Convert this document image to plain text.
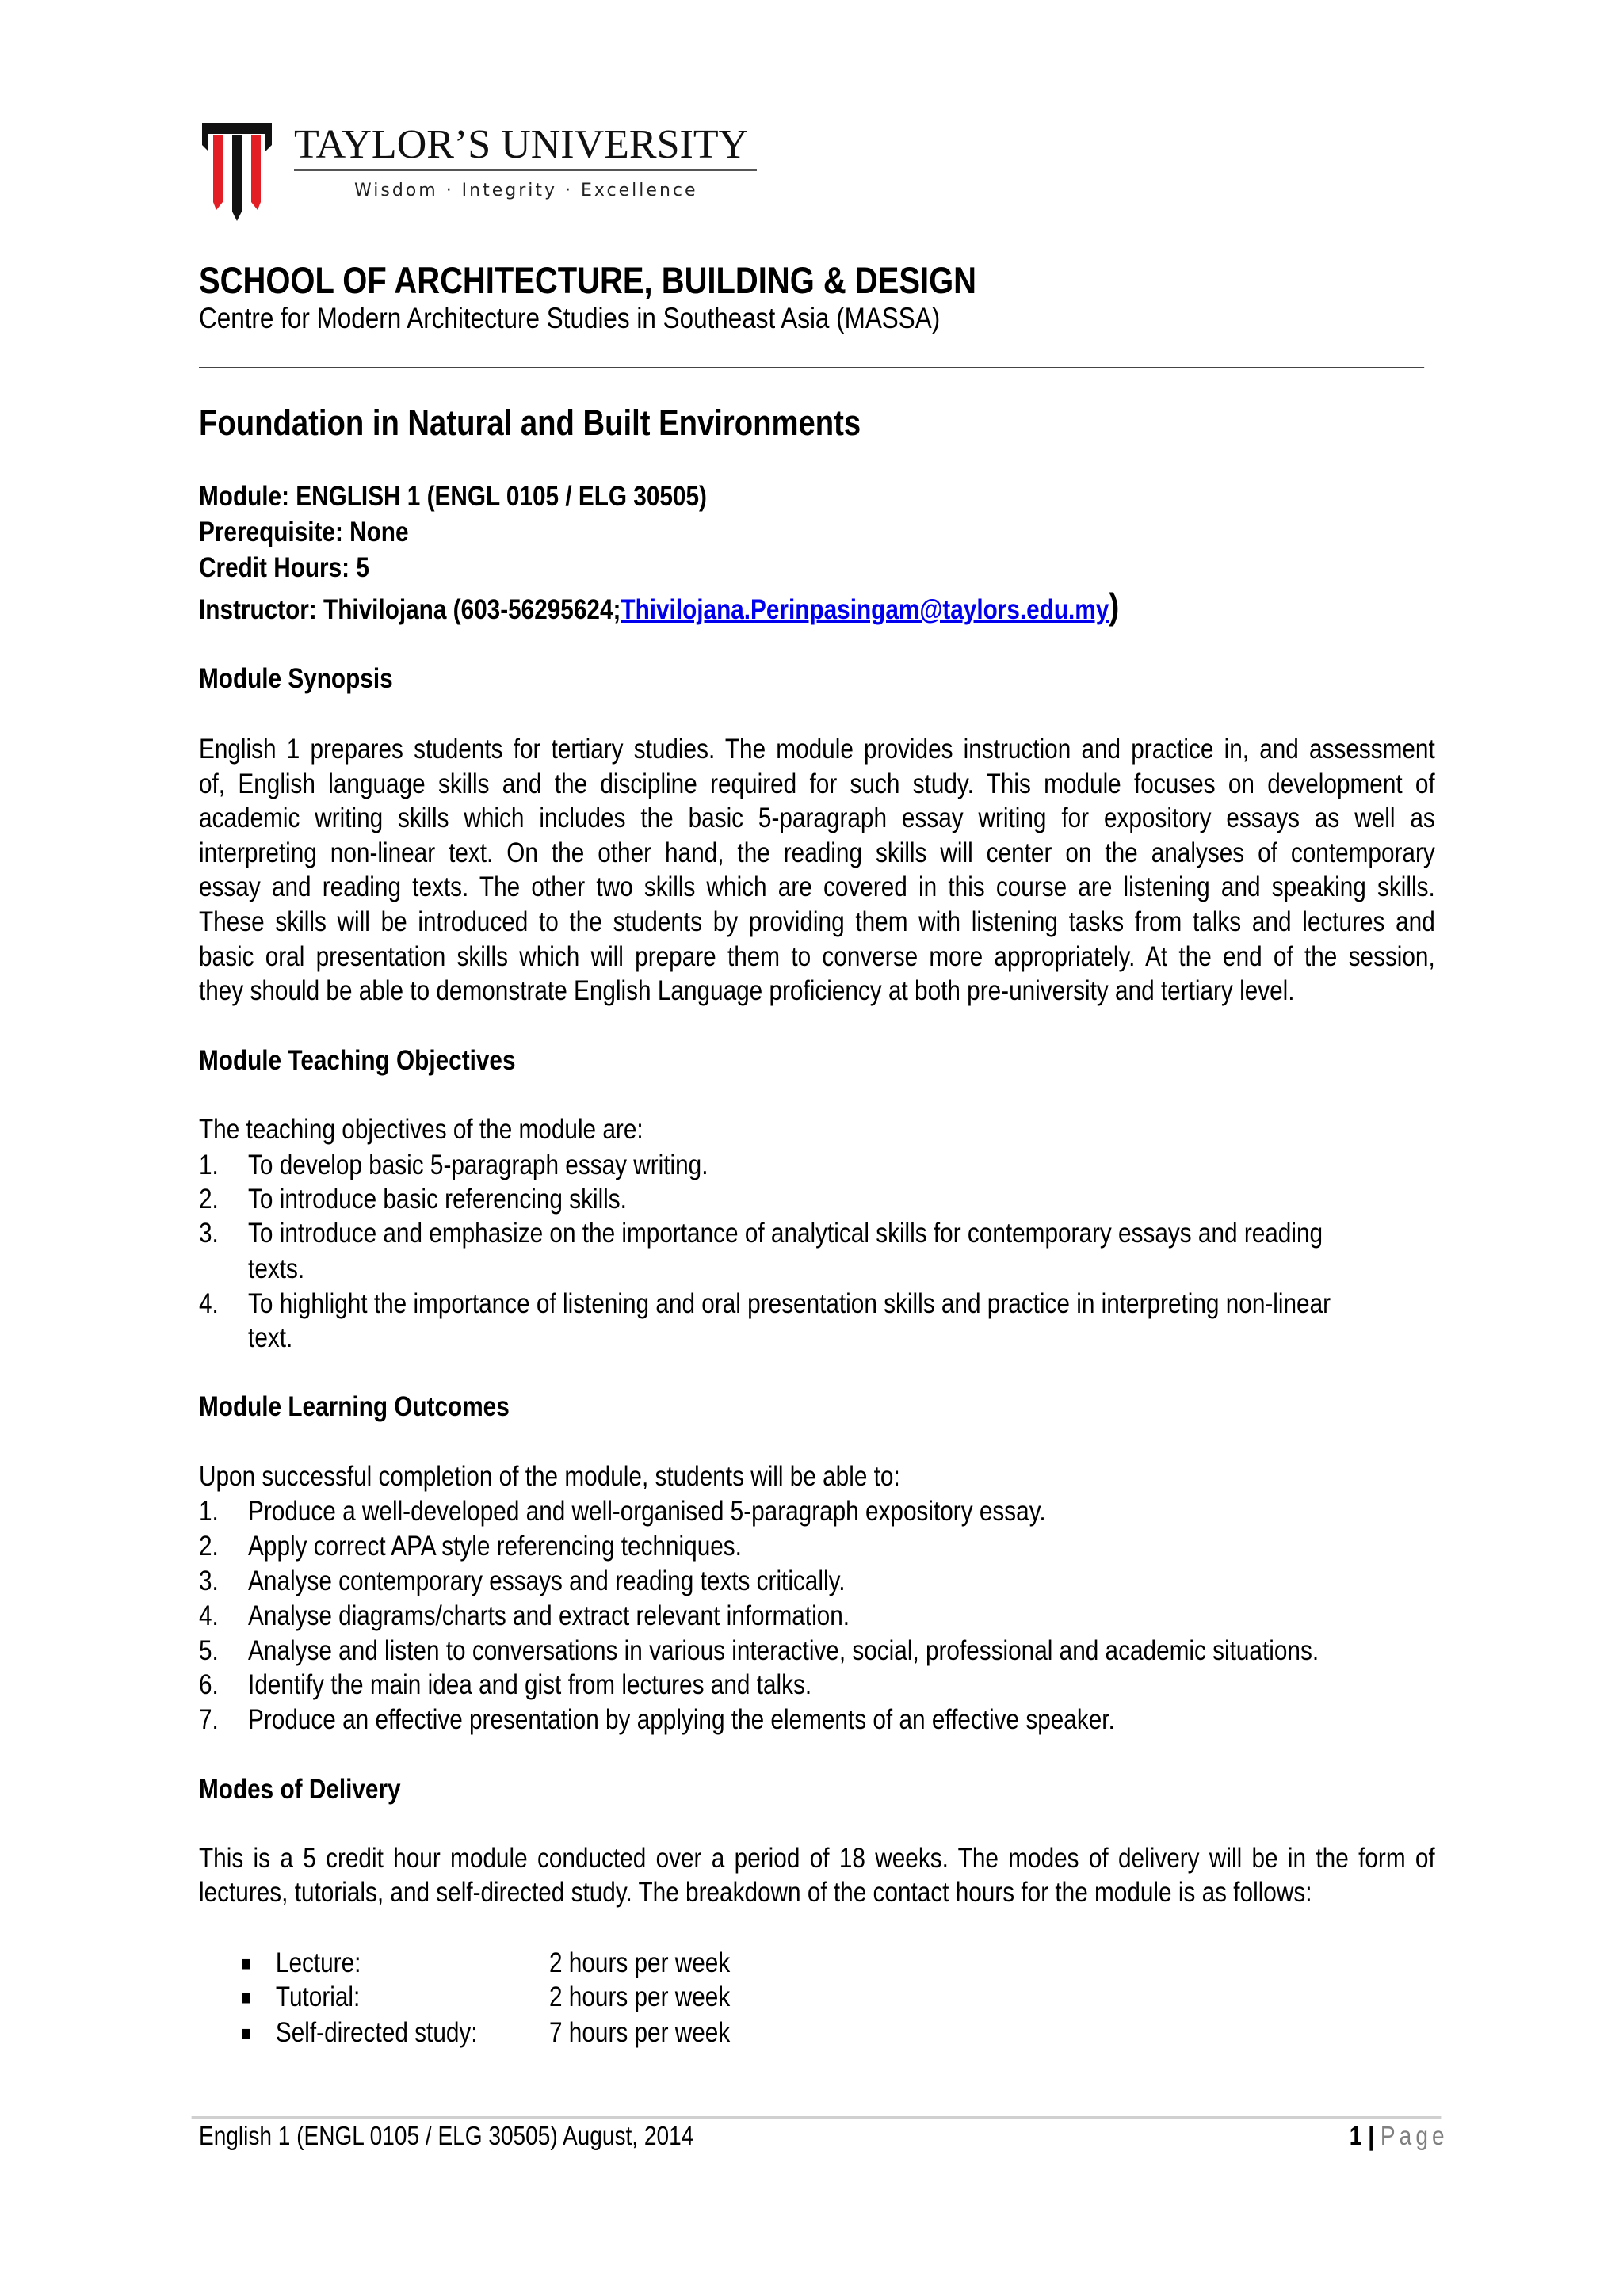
TAYLOR’S UNIVERSITY
Wisdom · Integrity · Excellence
SCHOOL OF ARCHITECTURE, BUILDING & DESIGN
Centre for Modern Architecture Studies in Southeast Asia (MASSA)
Foundation in Natural and Built Environments
Module: ENGLISH 1 (ENGL 0105 / ELG 30505)
Prerequisite: None
Credit Hours: 5
Instructor: Thivilojana (603-56295624;Thivilojana.Perinpasingam@taylors.edu.my)
Module Synopsis
English 1 prepares students for tertiary studies. The module provides instruction and practice in, and assessment
of, English language skills and the discipline required for such study. This module focuses on development of
academic writing skills which includes the basic 5-paragraph essay writing for expository essays as well as
interpreting non-linear text. On the other hand, the reading skills will center on the analyses of contemporary
essay and reading texts. The other two skills which are covered in this course are listening and speaking skills.
These skills will be introduced to the students by providing them with listening tasks from talks and lectures and
basic oral presentation skills which will prepare them to converse more appropriately. At the end of the session,
they should be able to demonstrate English Language proficiency at both pre-university and tertiary level.
Module Teaching Objectives
The teaching objectives of the module are:
1. To develop basic 5-paragraph essay writing.
2. To introduce basic referencing skills.
3. To introduce and emphasize on the importance of analytical skills for contemporary essays and reading
texts.
4. To highlight the importance of listening and oral presentation skills and practice in interpreting non-linear
text.
Module Learning Outcomes
Upon successful completion of the module, students will be able to:
1. Produce a well-developed and well-organised 5-paragraph expository essay.
2. Apply correct APA style referencing techniques.
3. Analyse contemporary essays and reading texts critically.
4. Analyse diagrams/charts and extract relevant information.
5. Analyse and listen to conversations in various interactive, social, professional and academic situations.
6. Identify the main idea and gist from lectures and talks.
7. Produce an effective presentation by applying the elements of an effective speaker.
Modes of Delivery
This is a 5 credit hour module conducted over a period of 18 weeks. The modes of delivery will be in the form of
lectures, tutorials, and self-directed study. The breakdown of the contact hours for the module is as follows:
■ Lecture:	2 hours per week
■ Tutorial:	2 hours per week
■ Self-directed study:	7 hours per week
English 1 (ENGL 0105 / ELG 30505) August, 2014	1 | Page
